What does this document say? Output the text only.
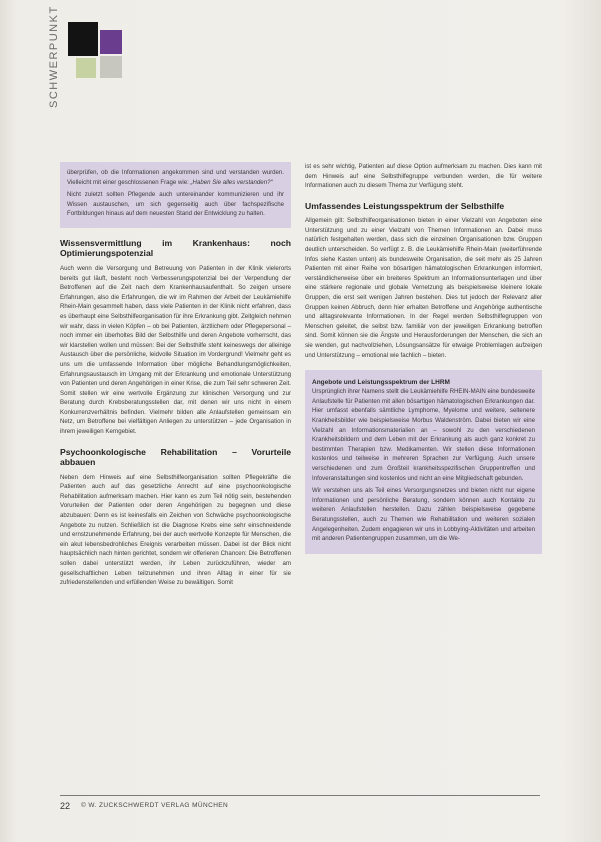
SCHWERPUNKT

überprüfen, ob die Informationen angekommen sind und verstanden wurden. Vielleicht mit einer geschlossenen Frage wie: „Haben Sie alles verstanden?“

Nicht zuletzt sollten Pflegende auch untereinander kommunizieren und ihr Wissen austauschen, um sich gegenseitig auch über fachspezifische Fortbildungen hinaus auf dem neuesten Stand der Entwicklung zu halten.

Wissensvermittlung im Krankenhaus: noch Optimierungspotenzial

Auch wenn die Versorgung und Betreuung von Patienten in der Klinik vielerorts bereits gut läuft, besteht noch Verbesserungspotenzial bei der Verpendlung der Betroffenen auf die Zeit nach dem Krankenhausaufenthalt. So zeigen unsere Erfahrungen, also die Erfahrungen, die wir im Rahmen der Arbeit der Leukämiehilfe Rhein-Main gesammelt haben, dass viele Patienten in der Klinik nicht erfahren, dass es überhaupt eine Selbsthilfeorganisation für ihre Erkrankung gibt. Zeitgleich nehmen wir wahr, dass in vielen Köpfen – ob bei Patienten, ärztlichem oder Pflegepersonal – noch immer ein überholtes Bild der Selbsthilfe und deren Angebote vorherrscht, das wir klarstellen wollen und müssen: Bei der Selbsthilfe steht keineswegs der alleinige Austausch über die persönliche, leidvolle Situation im Vordergrund! Vielmehr geht es uns um die umfassende Information über mögliche Behandlungsmöglichkeiten, Erfahrungsaustausch im Umgang mit der Erkrankung und emotionale Unterstützung von Patienten und deren Angehörigen in einer Krise, die zum Teil sehr schweren Zeit. Somit stellen wir eine wertvolle Ergänzung zur klinischen Versorgung und zur Beratung durch Krebsberatungsstellen dar, mit denen wir uns nicht in einem Konkurrenzverhältnis befinden. Vielmehr bilden alle Anlaufstellen gemeinsam ein Netz, um Betroffene bei vielfältigen Anliegen zu unterstützen – jede Organisation in ihrem jeweiligen Kerngebiet.

Psychoonkologische Rehabilitation – Vorurteile abbauen

Neben dem Hinweis auf eine Selbsthilfeorganisation sollten Pflegekräfte die Patienten auch auf das gesetzliche Anrecht auf eine psychoonkologische Rehabilitation aufmerksam machen. Hier kann es zum Teil nötig sein, bestehenden Vorurteilen der Patienten oder deren Angehörigen zu begegnen und diese abzubauen: Denn es ist keinesfalls ein Zeichen von Schwäche psychoonkologische Angebote zu nutzen. Schließlich ist die Diagnose Krebs eine sehr einschneidende und ernstzunehmende Erfahrung, bei der auch wertvolle Konzepte für Menschen, die ein akut lebensbedrohliches Ereignis verarbeiten müssen. Dabei ist der Blick nicht hauptsächlich nach hinten gerichtet, sondern wir offerieren Chancen: Die Betroffenen sollen dabei unterstützt werden, ihr Leben zurückzuführen, wieder am gesellschaftlichen Leben teilzunehmen und ihren Alltag in einer für sie zufriedenstellenden und erfüllenden Weise zu bewältigen. Somit

ist es sehr wichtig, Patienten auf diese Option aufmerksam zu machen. Dies kann mit dem Hinweis auf eine Selbsthilfegruppe verbunden werden, die für weitere Informationen auch zu diesem Thema zur Verfügung steht.

Umfassendes Leistungsspektrum der Selbsthilfe

Allgemein gilt: Selbsthilfeorganisationen bieten in einer Vielzahl von Angeboten eine Unterstützung und zu einer Vielzahl von Themen Informationen an. Dabei muss natürlich festgehalten werden, dass sich die einzelnen Organisationen bzw. Gruppen deutlich unterscheiden. So verfügt z. B. die Leukämiehilfe Rhein-Main (weiterführende Infos siehe Kasten unten) als bundesweite Organisation, die seit mehr als 25 Jahren Patienten mit einer Reihe von bösartigen hämatologischen Erkrankungen informiert, verständlicherweise über ein breiteres Spektrum an Informationsunterlagen und über eine stärkere regionale und globale Vernetzung als beispielsweise kleinere lokale Gruppen, die erst seit wenigen Jahren bestehen. Dies tut jedoch der Relevanz aller Gruppen keinen Abbruch, denn hier erhalten Betroffene und Angehörige authentische und alltagsrelevante Informationen. In der Regel werden Selbsthilfegruppen von Menschen geleitet, die selbst bzw. familiär von der jeweiligen Erkrankung betroffen sind. Somit können sie die Ängste und Herausforderungen der Menschen, die sich an sie wenden, gut nachvollziehen, Lösungsansätze für etwaige Problemlagen aufzeigen und Unterstützung – emotional wie fachlich – bieten.

Angebote und Leistungsspektrum der LHRM

Ursprünglich ihrer Namens stellt die Leukämiehilfe RHEIN-MAIN eine bundesweite Anlaufstelle für Patienten mit allen bösartigen hämatologischen Erkrankungen dar. Hier umfasst ebenfalls sämtliche Lymphome, Myelome und weitere, seltenere Krankheitsbilder wie beispielsweise Morbus Waldenström. Dabei bieten wir eine Vielzahl an Informationsmaterialien an – sowohl zu den verschiedenen Krankheitsbildern und dem Leben mit der Erkrankung als auch ganz konkret zu bestimmten Therapien bzw. Medikamenten. Wir stellen diese Informationen kostenlos und teilweise in mehreren Sprachen zur Verfügung. Auch unsere verschiedenen und zum Großteil krankheitsspezifischen Gruppentreffen und Infoveranstaltungen sind kostenlos und nicht an eine Mitgliedschaft gebunden.

Wir verstehen uns als Teil eines Versorgungsnetzes und bieten nicht nur eigene Informationen und persönliche Beratung, sondern können auch Kontakte zu weiteren Anlaufstellen herstellen. Dazu zählen beispielsweise gegebene Beratungsstellen, auch zu Themen wie Rehabilitation und weiteren sozialen Angelegenheiten. Zudem engagieren wir uns in Lobbying-Aktivitäten und arbeiten mit anderen Patientengruppen zusammen, um die We-

22 © W. ZUCKSCHWERDT VERLAG MÜNCHEN
